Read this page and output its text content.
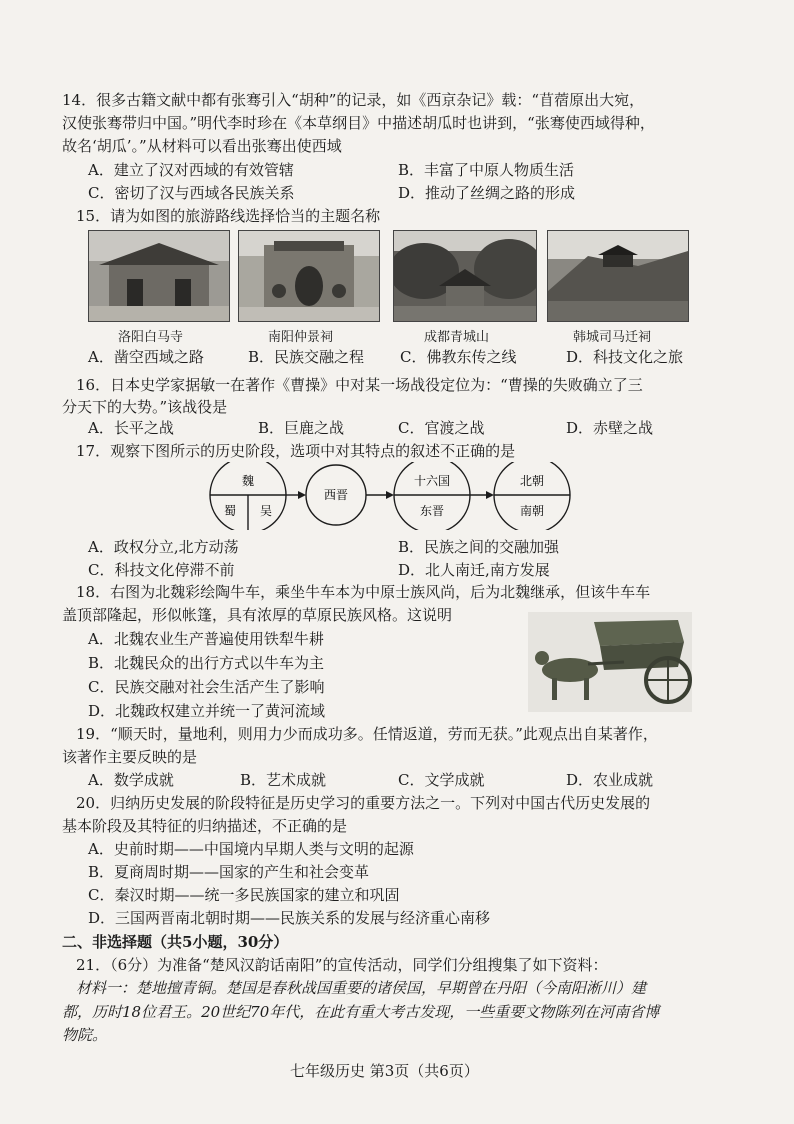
14．很多古籍文献中都有张骞引入“胡种”的记录，如《西京杂记》载：“苜蓿原出大宛，
汉使张骞带归中国。”明代李时珍在《本草纲目》中描述胡瓜时也讲到，“张骞使西域得种，
故名‘胡瓜’。”从材料可以看出张骞出使西域
A．建立了汉对西域的有效管辖	B．丰富了中原人物质生活
C．密切了汉与西域各民族关系	D．推动了丝绸之路的形成
15．请为如图的旅游路线选择恰当的主题名称
洛阳白马寺	南阳仲景祠	成都青城山	韩城司马迁祠
A．凿空西域之路	B．民族交融之程 C．佛教东传之线	D．科技文化之旅
16．日本史学家据敏一在著作《曹操》中对某一场战役定位为：“曹操的失败确立了三
分天下的大势。”该战役是
A．长平之战	B．巨鹿之战	C．官渡之战	D．赤壁之战
17．观察下图所示的历史阶段，选项中对其特点的叙述不正确的是
魏
蜀 吴
西晋
十六国
东晋
北朝
南朝
A．政权分立,北方动荡	B．民族之间的交融加强
C．科技文化停滞不前	D．北人南迁,南方发展
18．右图为北魏彩绘陶牛车，乘坐牛车本为中原士族风尚，后为北魏继承，但该牛车车
盖顶部隆起，形似帐篷，具有浓厚的草原民族风格。这说明
A．北魏农业生产普遍使用铁犁牛耕
B．北魏民众的出行方式以牛车为主
C．民族交融对社会生活产生了影响
D．北魏政权建立并统一了黄河流域
19．“顺天时，量地利，则用力少而成功多。任情返道，劳而无获。”此观点出自某著作，
该著作主要反映的是
A．数学成就	B．艺术成就	C．文学成就	D．农业成就
20．归纳历史发展的阶段特征是历史学习的重要方法之一。下列对中国古代历史发展的
基本阶段及其特征的归纳描述，不正确的是
A．史前时期——中国境内早期人类与文明的起源
B．夏商周时期——国家的产生和社会变革
C．秦汉时期——统一多民族国家的建立和巩固
D．三国两晋南北朝时期——民族关系的发展与经济重心南移
二、非选择题（共5小题，30分）
21．（6分）为准备“楚风汉韵话南阳”的宣传活动，同学们分组搜集了如下资料：
材料一：楚地擅青铜。楚国是春秋战国重要的诸侯国，早期曾在丹阳（今南阳淅川）建
都，历时18位君王。20世纪70年代，在此有重大考古发现，一些重要文物陈列在河南省博
物院。
七年级历史 第3页（共6页）
